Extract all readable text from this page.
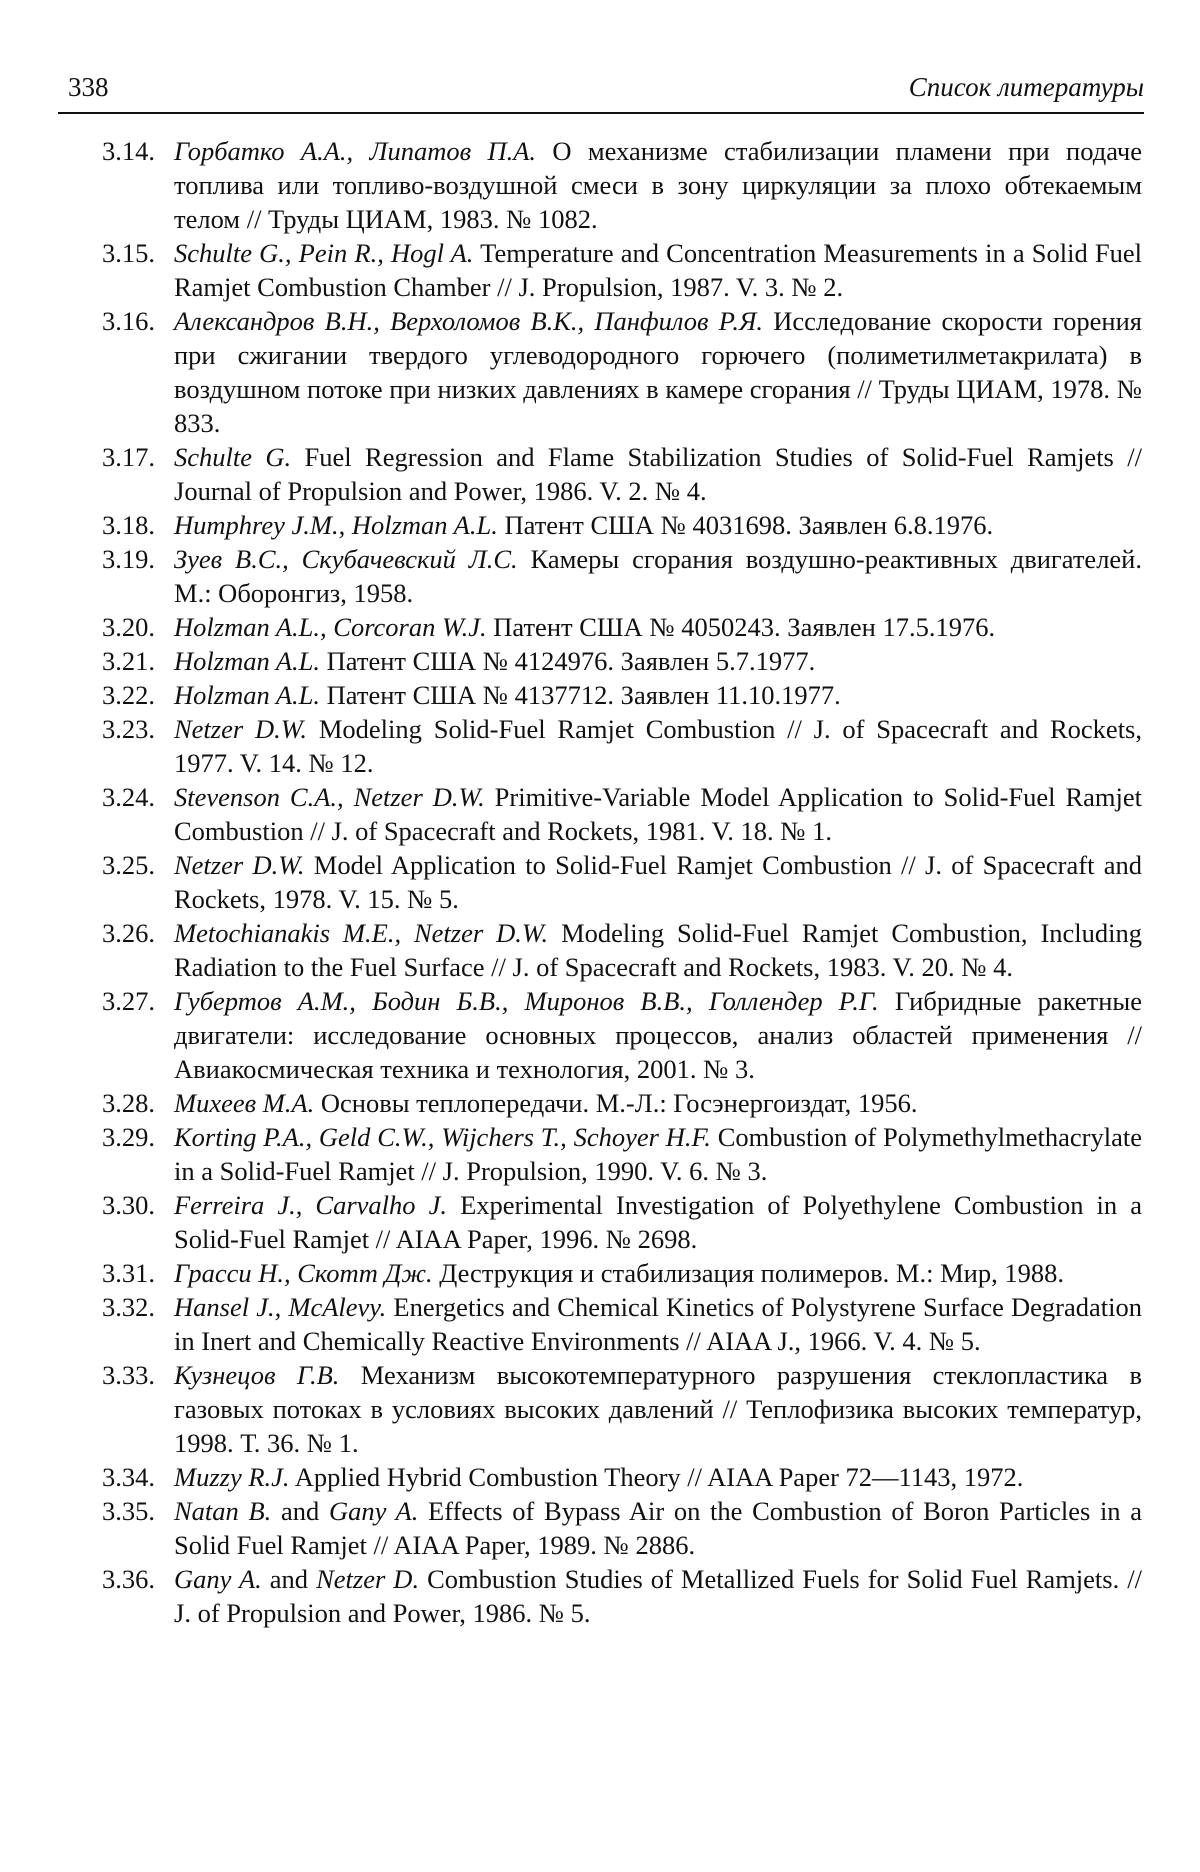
338	Список литературы
3.14. Горбатко А.А., Липатов П.А. О механизме стабилизации пламени при подаче топлива или топливо-воздушной смеси в зону циркуляции за плохо обтекаемым телом // Труды ЦИАМ, 1983. № 1082.
3.15. Schulte G., Pein R., Hogl A. Temperature and Concentration Measurements in a Solid Fuel Ramjet Combustion Chamber // J. Propulsion, 1987. V. 3. № 2.
3.16. Александров В.Н., Верхоломов В.К., Панфилов Р.Я. Исследование скорости горения при сжигании твердого углеводородного горючего (полиметилметакрилата) в воздушном потоке при низких давлениях в камере сгорания // Труды ЦИАМ, 1978. № 833.
3.17. Schulte G. Fuel Regression and Flame Stabilization Studies of Solid-Fuel Ramjets // Journal of Propulsion and Power, 1986. V. 2. № 4.
3.18. Humphrey J.M., Holzman A.L. Патент США № 4031698. Заявлен 6.8.1976.
3.19. Зуев В.С., Скубачевский Л.С. Камеры сгорания воздушно-реактивных двигателей. М.: Оборонгиз, 1958.
3.20. Holzman A.L., Corcoran W.J. Патент США № 4050243. Заявлен 17.5.1976.
3.21. Holzman A.L. Патент США № 4124976. Заявлен 5.7.1977.
3.22. Holzman A.L. Патент США № 4137712. Заявлен 11.10.1977.
3.23. Netzer D.W. Modeling Solid-Fuel Ramjet Combustion // J. of Spacecraft and Rockets, 1977. V. 14. № 12.
3.24. Stevenson C.A., Netzer D.W. Primitive-Variable Model Application to Solid-Fuel Ramjet Combustion // J. of Spacecraft and Rockets, 1981. V. 18. № 1.
3.25. Netzer D.W. Model Application to Solid-Fuel Ramjet Combustion // J. of Spacecraft and Rockets, 1978. V. 15. № 5.
3.26. Metochianakis M.E., Netzer D.W. Modeling Solid-Fuel Ramjet Combustion, Including Radiation to the Fuel Surface // J. of Spacecraft and Rockets, 1983. V. 20. № 4.
3.27. Губертов А.М., Бодин Б.В., Миронов В.В., Голлендер Р.Г. Гибридные ракетные двигатели: исследование основных процессов, анализ областей применения // Авиакосмическая техника и технология, 2001. № 3.
3.28. Михеев М.А. Основы теплопередачи. М.-Л.: Госэнергоиздат, 1956.
3.29. Korting P.A., Geld C.W., Wijchers T., Schoyer H.F. Combustion of Polymethylmethacrylate in a Solid-Fuel Ramjet // J. Propulsion, 1990. V. 6. № 3.
3.30. Ferreira J., Carvalho J. Experimental Investigation of Polyethylene Combustion in a Solid-Fuel Ramjet // AIAA Paper, 1996. № 2698.
3.31. Грасси Н., Скотт Дж. Деструкция и стабилизация полимеров. М.: Мир, 1988.
3.32. Hansel J., McAlevy. Energetics and Chemical Kinetics of Polystyrene Surface Degradation in Inert and Chemically Reactive Environments // AIAA J., 1966. V. 4. № 5.
3.33. Кузнецов Г.В. Механизм высокотемпературного разрушения стеклопластика в газовых потоках в условиях высоких давлений // Теплофизика высоких температур, 1998. Т. 36. № 1.
3.34. Muzzy R.J. Applied Hybrid Combustion Theory // AIAA Paper 72—1143, 1972.
3.35. Natan B. and Gany A. Effects of Bypass Air on the Combustion of Boron Particles in a Solid Fuel Ramjet // AIAA Paper, 1989. № 2886.
3.36. Gany A. and Netzer D. Combustion Studies of Metallized Fuels for Solid Fuel Ramjets. // J. of Propulsion and Power, 1986. № 5.
